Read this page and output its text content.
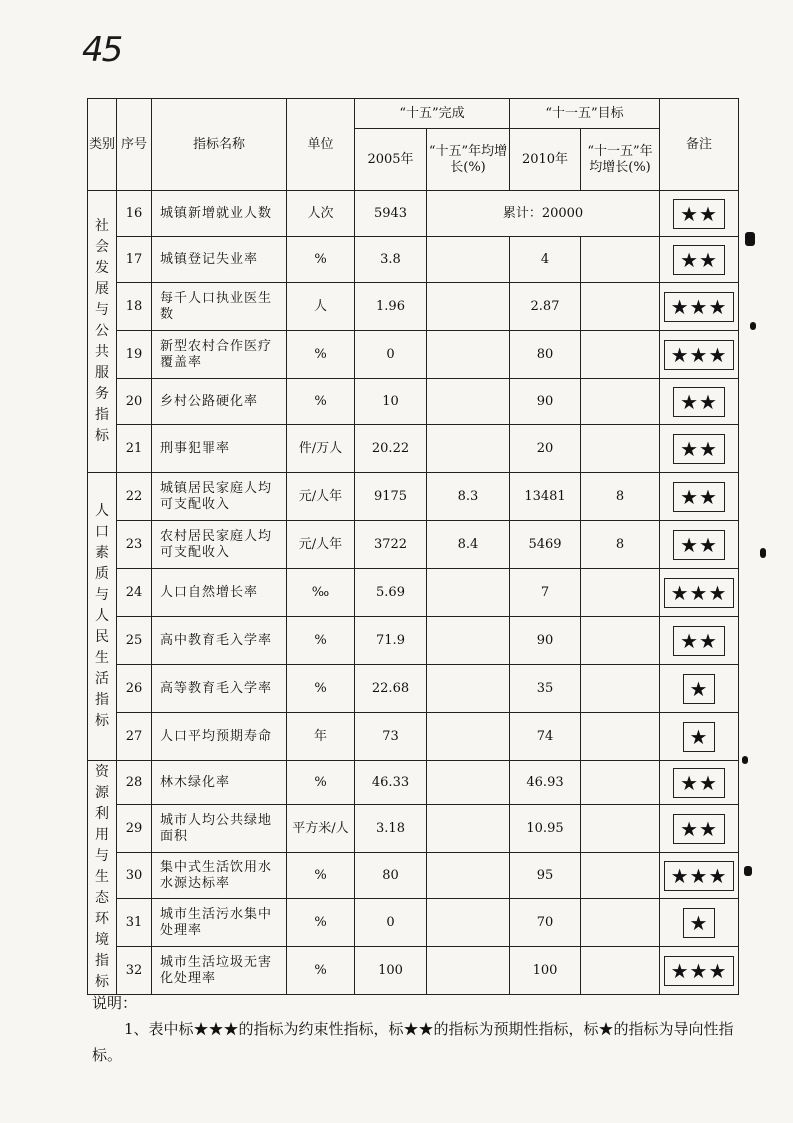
45
类别	序号	指标名称	单位	“十五”完成		“十一五”目标		备注
				2005年	“十五”年均增长(%)	2010年	“十一五”年均增长(%)	

社会发展与公共服务指标	16	城镇新增就业人数	人次	5943	累计：20000			★★
	17	城镇登记失业率	%	3.8		4		★★
	18	每千人口执业医生数	人	1.96		2.87		★★★
	19	新型农村合作医疗覆盖率	%	0		80		★★★
	20	乡村公路硬化率	%	10		90		★★
	21	刑事犯罪率	件/万人	20.22		20		★★

人口素质与人民生活指标	22	城镇居民家庭人均可支配收入	元/人年	9175	8.3	13481	8	★★
	23	农村居民家庭人均可支配收入	元/人年	3722	8.4	5469	8	★★
	24	人口自然增长率	‰	5.69		7		★★★
	25	高中教育毛入学率	%	71.9		90		★★
	26	高等教育毛入学率	%	22.68		35		★
	27	人口平均预期寿命	年	73		74		★

资源利用与生态环境指标	28	林木绿化率	%	46.33		46.93		★★
	29	城市人均公共绿地面积	平方米/人	3.18		10.95		★★
	30	集中式生活饮用水水源达标率	%	80		95		★★★
	31	城市生活污水集中处理率	%	0		70		★
	32	城市生活垃圾无害化处理率	%	100		100		★★★

说明：

1、表中标★★★的指标为约束性指标，标★★的指标为预期性指标，标★的指标为导向性指标。
